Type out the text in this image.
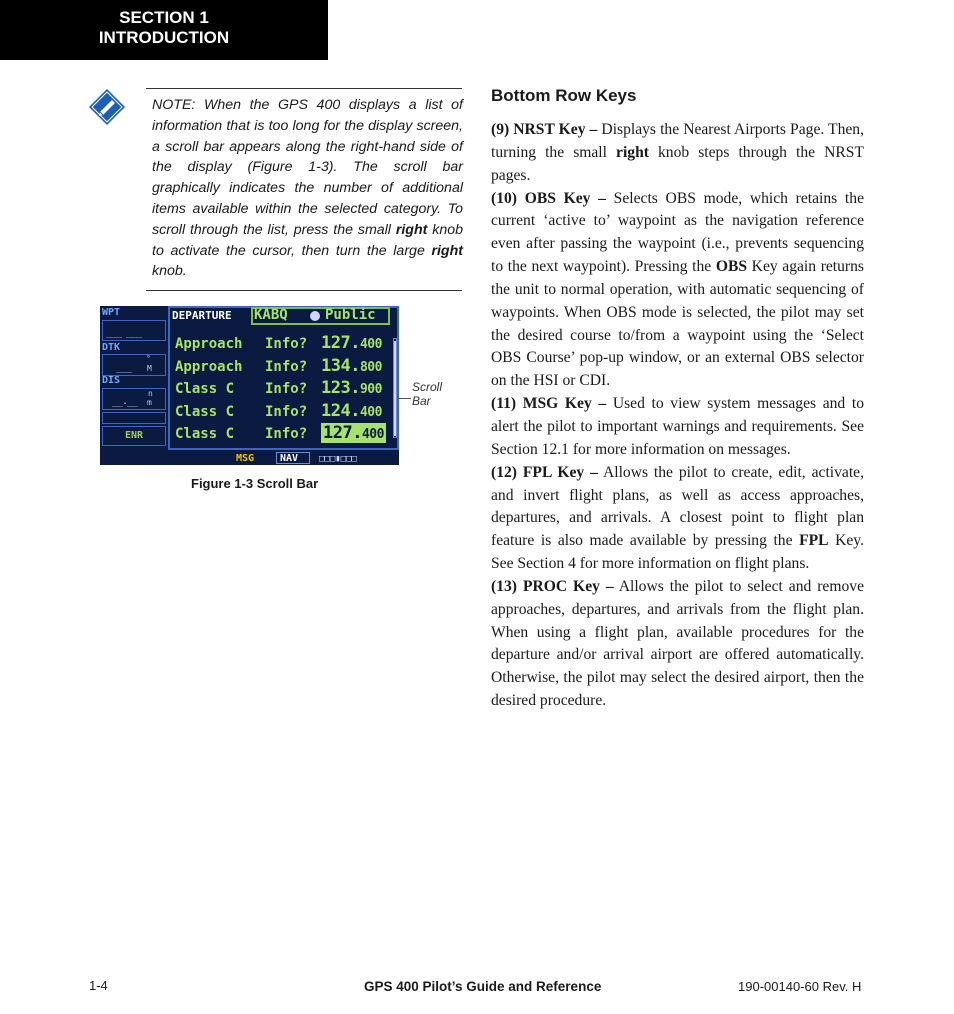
SECTION 1
INTRODUCTION
NOTE: When the GPS 400 displays a list of information that is too long for the display screen, a scroll bar appears along the right-hand side of the display (Figure 1-3). The scroll bar graphically indicates the number of additional items available within the selected category. To scroll through the list, press the small right knob to activate the cursor, then turn the large right knob.
WPT
___ ___
DTK
___
°
M
DIS
__.__
n
m
ENR
DEPARTURE KABQ	Public
Approach Info? 127.400
Approach Info? 134.800
Class C Info? 123.900
Class C Info? 124.400
Class C Info? 127.400
MSG	NAV □□□▮□□□
Scroll
Bar
Figure 1-3 Scroll Bar
Bottom Row Keys

(9) NRST Key – Displays the Nearest Airports Page. Then, turning the small right knob steps through the NRST pages.

(10) OBS Key – Selects OBS mode, which retains the current ‘active to’ waypoint as the navigation reference even after passing the waypoint (i.e., prevents sequencing to the next waypoint). Pressing the OBS Key again returns the unit to normal operation, with automatic sequencing of waypoints. When OBS mode is selected, the pilot may set the desired course to/from a waypoint using the ‘Select OBS Course’ pop-up window, or an external OBS selector on the HSI or CDI.

(11) MSG Key – Used to view system messages and to alert the pilot to important warnings and requirements. See Section 12.1 for more information on messages.

(12) FPL Key – Allows the pilot to create, edit, activate, and invert flight plans, as well as access approaches, departures, and arrivals. A closest point to flight plan feature is also made available by pressing the FPL Key. See Section 4 for more information on flight plans.

(13) PROC Key – Allows the pilot to select and remove approaches, departures, and arrivals from the flight plan. When using a flight plan, available procedures for the departure and/or arrival airport are offered automatically. Otherwise, the pilot may select the desired airport, then the desired procedure.

1-4	GPS 400 Pilot’s Guide and Reference	190-00140-60 Rev. H
